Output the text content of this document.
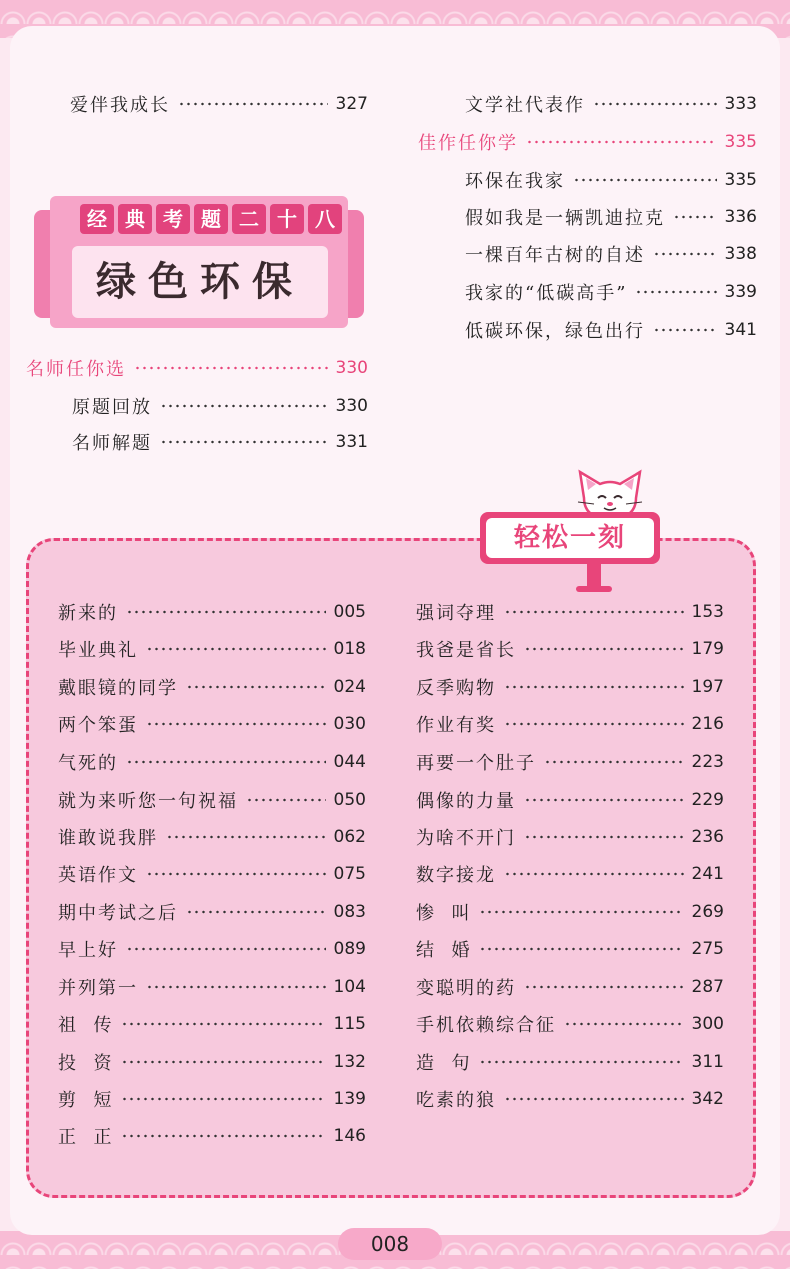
爱伴我成长	327
经 典 考 题 二 十 八
绿色环保
名师任你选	330
原题回放	330
名师解题	331
文学社代表作	333
佳作任你学	335
环保在我家	335
假如我是一辆凯迪拉克	336
一棵百年古树的自述	338
我家的“低碳高手”	339
低碳环保，绿色出行	341
轻松一刻
新来的	005
毕业典礼	018
戴眼镜的同学	024
两个笨蛋	030
气死的	044
就为来听您一句祝福	050
谁敢说我胖	062
英语作文	075
期中考试之后	083
早上好	089
并列第一	104
祖  传	115
投  资	132
剪  短	139
正  正	146
强词夺理	153
我爸是省长	179
反季购物	197
作业有奖	216
再要一个肚子	223
偶像的力量	229
为啥不开门	236
数字接龙	241
惨  叫	269
结  婚	275
变聪明的药	287
手机依赖综合征	300
造  句	311
吃素的狼	342
008
